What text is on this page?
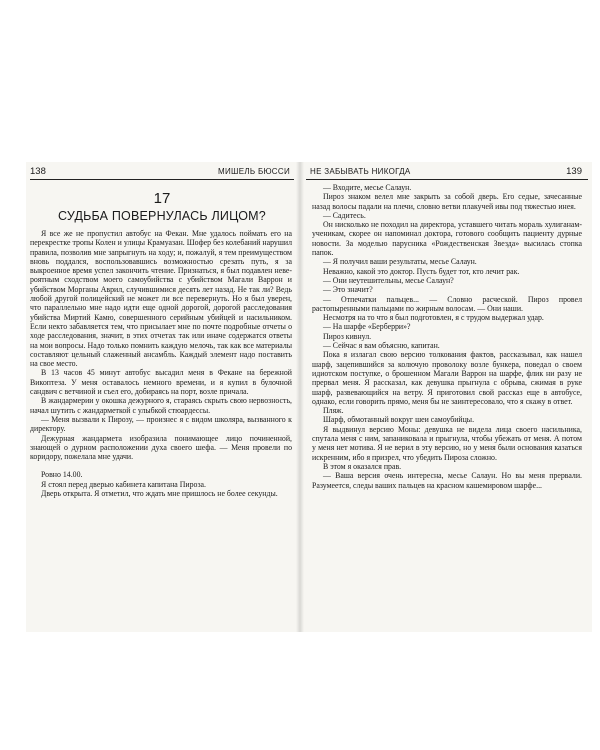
138	МИШЕЛЬ БЮССИ
17
СУДЬБА ПОВЕРНУЛАСЬ ЛИЦОМ?

Я все же не пропустил автобус на Фекан. Мне удалось поймать его на перекрестке тропы Колен и улицы Крамуазан. Шофер без колебаний нарушил правила, позволив мне запрыгнуть на ходу; и, пожалуй, я тем преимуществом вновь поддался, воспользовавшись возможностью срезать путь, я за выкроенное время успел закончить чтение. Признаться, я был подавлен невероятным сходством моего самоубийства с убийством Магали Варрон и убийством Морганы Аврил, случившимися десять лет назад. Не так ли? Ведь любой другой полицейский не может ли все перевернуть. Но я был уверен, что параллельно мне надо идти еще одной дорогой, дорогой расследования убийства Миртий Камю, совершенного серийным убийцей и насильником. Если некто забавляется тем, что присылает мне по почте подробные отчеты о ходе расследования, значит, в этих отчетах так или иначе содержатся ответы на мои вопросы. Надо только помнить каждую мелочь, так как все материалы составляют цельный слаженный ансамбль. Каждый элемент надо поставить на свое место.

В 13 часов 45 минут автобус высадил меня в Фекане на бережной Викоптеза. У меня оставалось немного времени, и я купил в булочной сандвич с ветчиной и съел его, добираясь на порт, возле причала.

В жандармерии у окошка дежурного я, стараясь скрыть свою нервозность, начал шутить с жандарметкой с улыбкой стюардессы.

— Меня вызвали к Пирозу, — произнес я с видом школяра, вызванного к директору.

Дежурная жандармета изобразила понимающее лицо починенной, знающей о дурном расположении духа своего шефа. — Меня провели по коридору, пожелала мне удачи.

Ровно 14.00.

Я стоял перед дверью кабинета капитана Пироза.

Дверь открыта. Я отметил, что ждать мне пришлось не более секунды.

НЕ ЗАБЫВАТЬ НИКОГДА	139

— Входите, месье Салаун.

Пироз знаком велел мне закрыть за собой дверь. Его седые, зачесанные назад волосы падали на плечи, словно ветви плакучей ивы под тяжестью инея.

— Садитесь.

Он нисколько не походил на директора, уставшего читать мораль хулиганам-ученикам, скорее он напоминал доктора, готового сообщить пациенту дурные новости. За моделью парусника «Рождественская Звезда» высилась стопка папок.

— Я получил ваши результаты, месье Салаун.

Неважно, какой это доктор. Пусть будет тот, кто лечит рак.

— Они неутешительны, месье Салаун?

— Это значит?

— Отпечатки пальцев... — Словно расческой. Пироз провел растопыренными пальцами по жирным волосам. — Они наши.

Несмотря на то что я был подготовлен, я с трудом выдержал удар.

— На шарфе «Берберри»?

Пироз кивнул.

— Сейчас я вам объясню, капитан.

Пока я излагал свою версию толкования фактов, рассказывал, как нашел шарф, зацепившийся за колючую проволоку возле бункера, поведал о своем идиотском поступке, о брошенном Магали Варрон на шарфе, флик ни разу не прервал меня. Я рассказал, как девушка прыгнула с обрыва, сжимая в руке шарф, развевающийся на ветру. Я приготовил свой рассказ еще в автобусе, однако, если говорить прямо, меня бы не заинтересовало, что я скажу в ответ.

Пляж.

Шарф, обмотанный вокруг шеи самоубийцы.

Я выдвинул версию Моны: девушка не видела лица своего насильника, спутала меня с ним, запаниковала и прыгнула, чтобы убежать от меня. А потом у меня нет мотива. Я не верил в эту версию, но у меня были основания казаться искренним, ибо я призрел, что убедить Пироза сложно.

В этом я оказался прав.

— Ваша версия очень интересна, месье Салаун. Но вы меня прервали. Разумеется, следы ваших пальцев на красном кашемировом шарфе...
